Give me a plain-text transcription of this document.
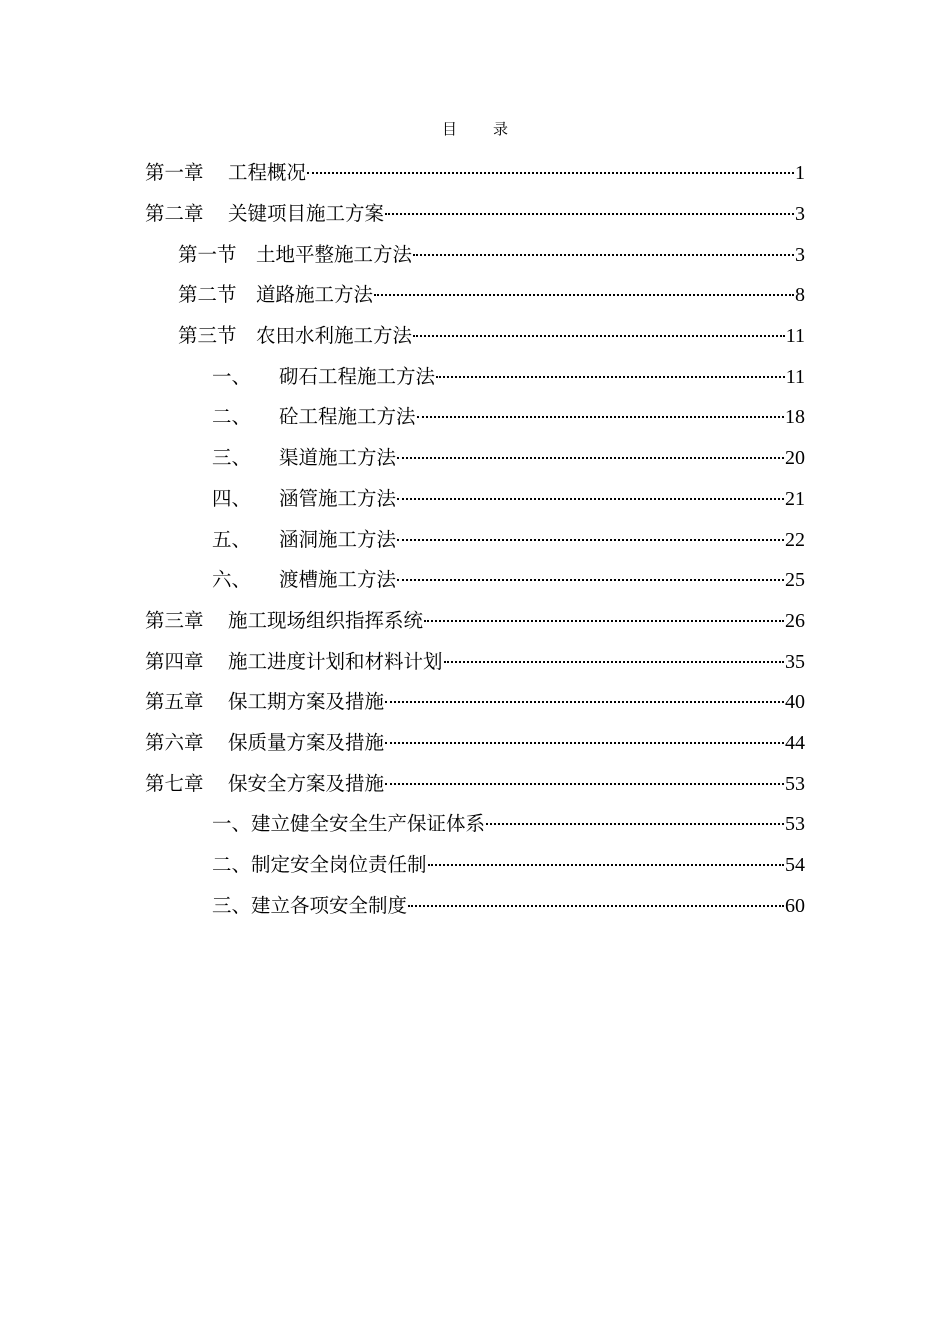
目 录
第一章	工程概况	1
第二章	关键项目施工方案	3
第一节 土地平整施工方法	3
第二节 道路施工方法	8
第三节 农田水利施工方法	11
一、	砌石工程施工方法	11
二、	砼工程施工方法	18
三、	渠道施工方法	20
四、	涵管施工方法	21
五、	涵洞施工方法	22
六、	渡槽施工方法	25
第三章	施工现场组织指挥系统	26
第四章	施工进度计划和材料计划	35
第五章	保工期方案及措施	40
第六章	保质量方案及措施	44
第七章	保安全方案及措施	53
一、 建立健全安全生产保证体系	53
二、 制定安全岗位责任制	54
三、 建立各项安全制度	60
